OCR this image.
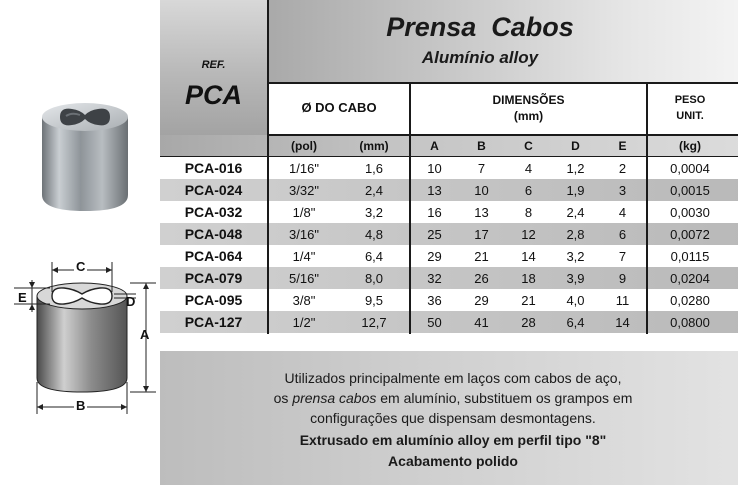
Prensa  Cabos
Alumínio alloy
REF.
PCA	Ø DO CABO	DIMENSÕES
(mm)
PESO
UNIT.
(pol)	(mm)	A	B	C	D	E	(kg)
PCA-016	1/16"	1,6	10	7	4	1,2	2	0,0004
PCA-024	3/32"	2,4	13	10	6	1,9	3	0,0015
PCA-032	1/8"	3,2	16	13	8	2,4	4	0,0030
PCA-048	3/16"	4,8	25	17	12	2,8	6	0,0072
PCA-064	1/4"	6,4	29	21	14	3,2	7	0,0115
PCA-079	5/16"	8,0	32	26	18	3,9	9	0,0204
PCA-095	3/8"	9,5	36	29	21	4,0	11	0,0280
PCA-127	1/2"	12,7	50	41	28	6,4	14	0,0800
C
E	D
A
B
Utilizados principalmente em laços com cabos de aço,
os prensa cabos em alumínio, substituem os grampos em
configurações que dispensam desmontagens.
Extrusado em alumínio alloy em perfil tipo "8"
Acabamento polido
